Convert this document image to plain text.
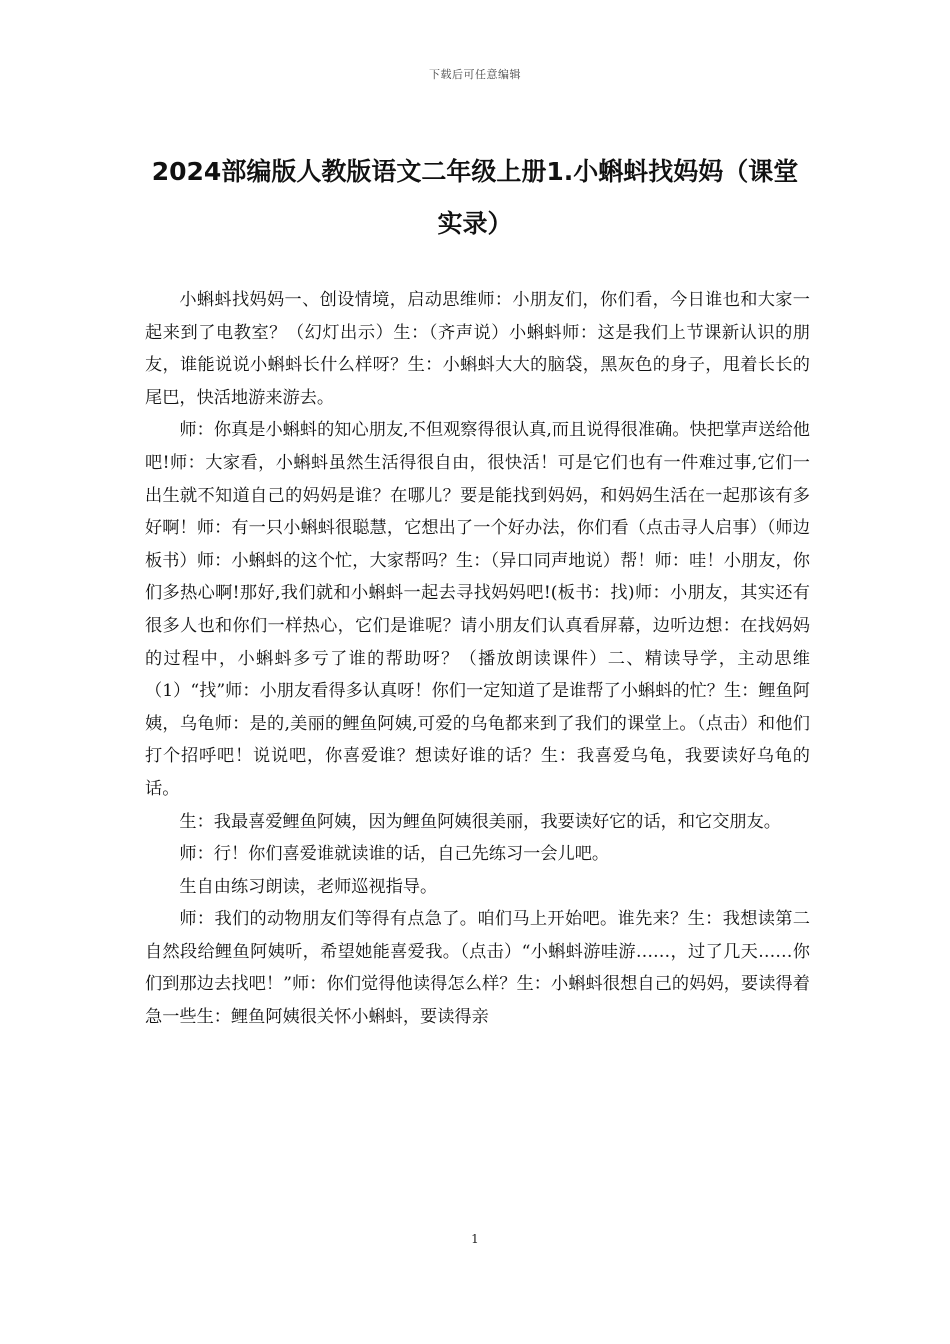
下载后可任意编辑
2024部编版人教版语文二年级上册1.小蝌蚪找妈妈（课堂实录）

小蝌蚪找妈妈一、创设情境，启动思维师：小朋友们，你们看，今日谁也和大家一起来到了电教室？（幻灯出示）生：（齐声说）小蝌蚪师：这是我们上节课新认识的朋友，谁能说说小蝌蚪长什么样呀？生：小蝌蚪大大的脑袋，黑灰色的身子，甩着长长的尾巴，快活地游来游去。

师：你真是小蝌蚪的知心朋友,不但观察得很认真,而且说得很准确。快把掌声送给他吧!师：大家看，小蝌蚪虽然生活得很自由，很快活！可是它们也有一件难过事,它们一出生就不知道自己的妈妈是谁？在哪儿？要是能找到妈妈，和妈妈生活在一起那该有多好啊！师：有一只小蝌蚪很聪慧，它想出了一个好办法，你们看（点击寻人启事）（师边板书）师：小蝌蚪的这个忙，大家帮吗？生：（异口同声地说）帮！师：哇！小朋友，你们多热心啊!那好,我们就和小蝌蚪一起去寻找妈妈吧!(板书：找)师：小朋友，其实还有很多人也和你们一样热心，它们是谁呢？请小朋友们认真看屏幕，边听边想：在找妈妈的过程中，小蝌蚪多亏了谁的帮助呀？（播放朗读课件）二、精读导学，主动思维（1）“找”师：小朋友看得多认真呀！你们一定知道了是谁帮了小蝌蚪的忙？生：鲤鱼阿姨，乌龟师：是的,美丽的鲤鱼阿姨,可爱的乌龟都来到了我们的课堂上。（点击）和他们打个招呼吧！说说吧，你喜爱谁？想读好谁的话？生：我喜爱乌龟，我要读好乌龟的话。

生：我最喜爱鲤鱼阿姨，因为鲤鱼阿姨很美丽，我要读好它的话，和它交朋友。

师：行！你们喜爱谁就读谁的话，自己先练习一会儿吧。

生自由练习朗读，老师巡视指导。

师：我们的动物朋友们等得有点急了。咱们马上开始吧。谁先来？生：我想读第二自然段给鲤鱼阿姨听，希望她能喜爱我。（点击）“小蝌蚪游哇游……，过了几天……你们到那边去找吧！”师：你们觉得他读得怎么样？生：小蝌蚪很想自己的妈妈，要读得着急一些生：鲤鱼阿姨很关怀小蝌蚪，要读得亲

1
